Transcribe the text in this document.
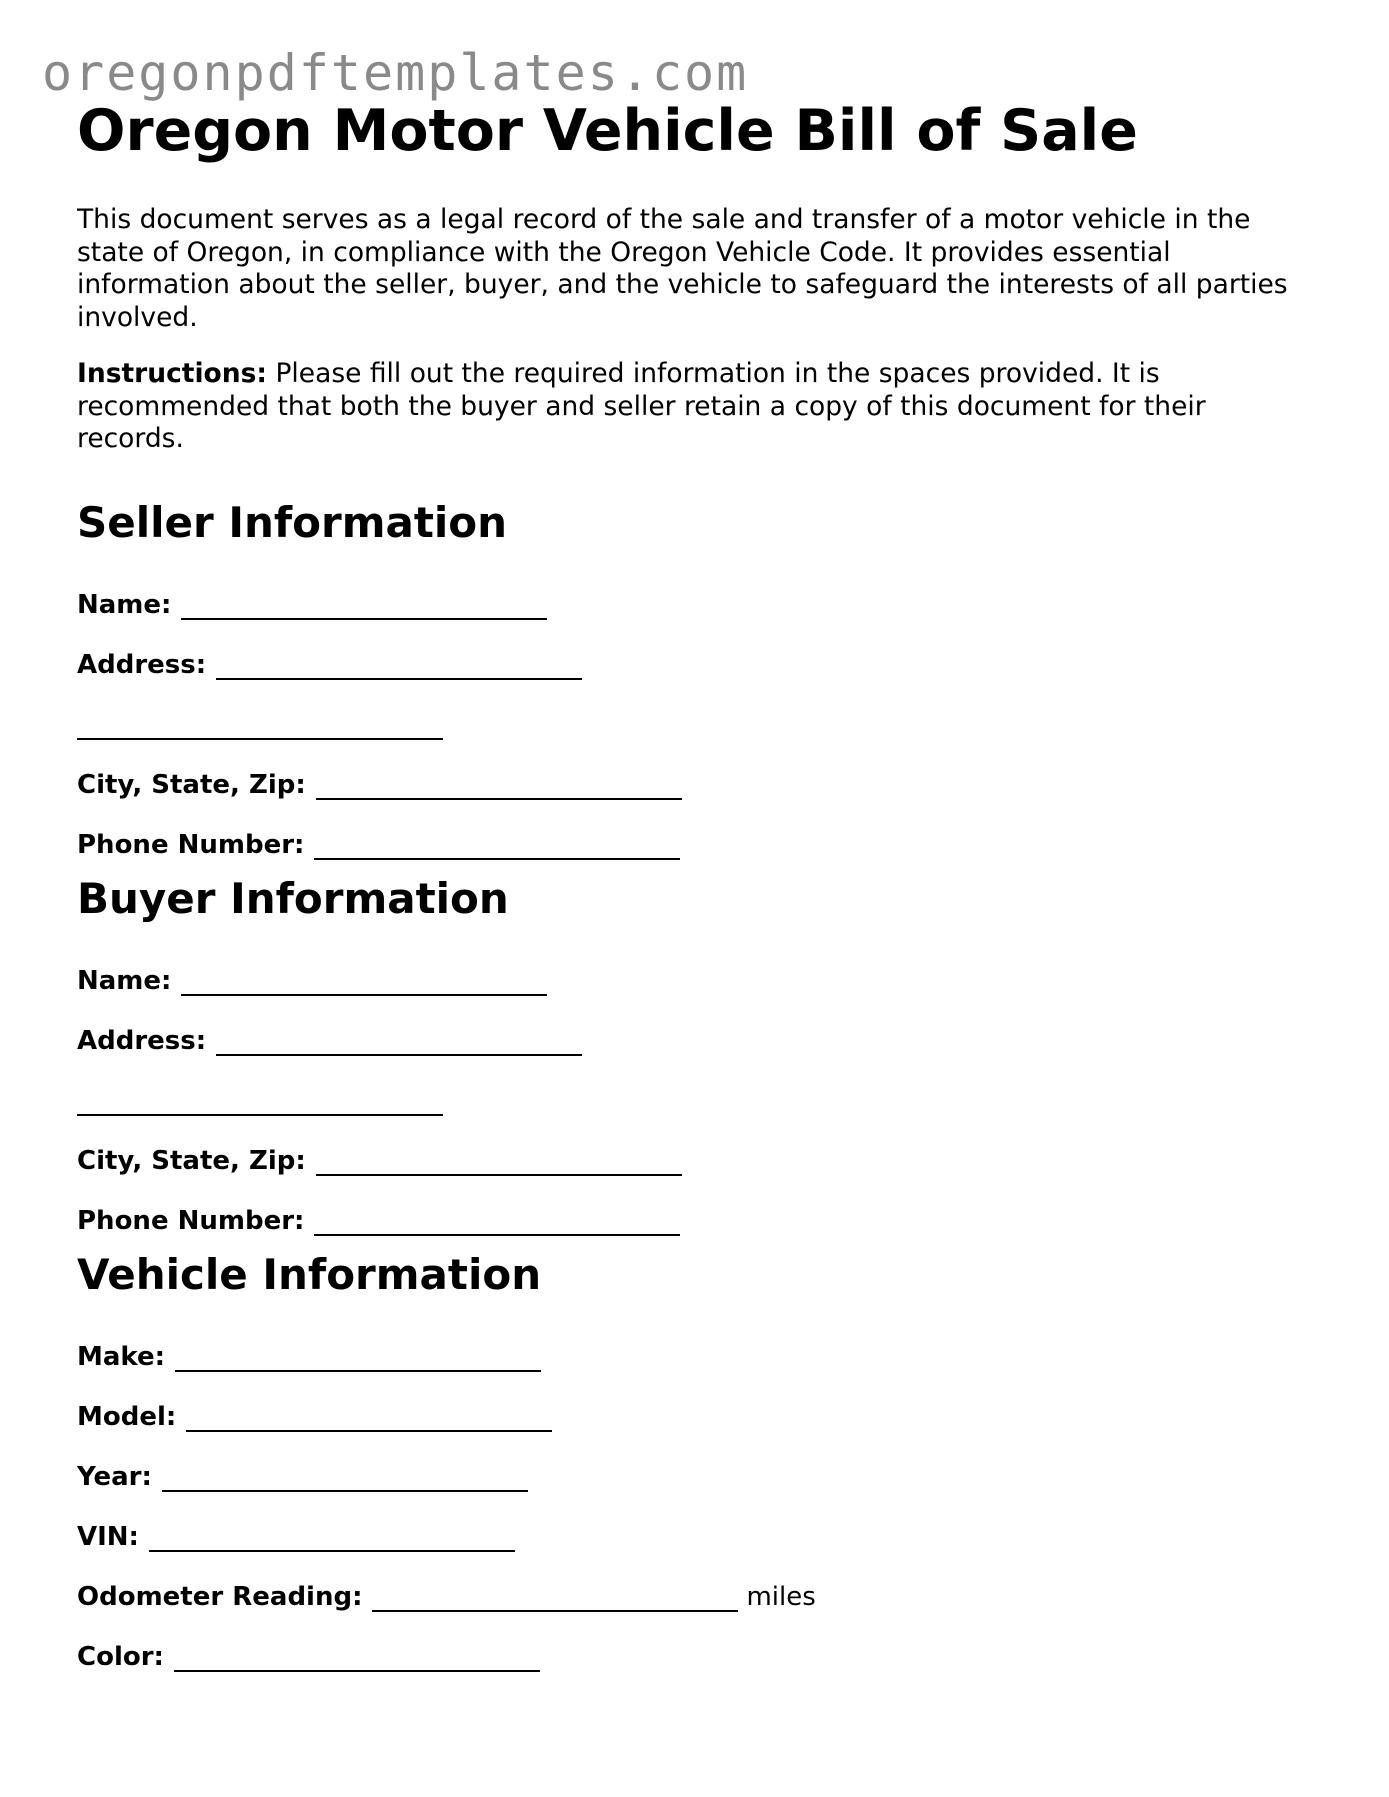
oregonpdftemplates.com
Oregon Motor Vehicle Bill of Sale

This document serves as a legal record of the sale and transfer of a motor vehicle in the state of Oregon, in compliance with the Oregon Vehicle Code. It provides essential information about the seller, buyer, and the vehicle to safeguard the interests of all parties involved.

Instructions: Please fill out the required information in the spaces provided. It is recommended that both the buyer and seller retain a copy of this document for their records.

Seller Information
Name:
Address:
City, State, Zip:
Phone Number:
Buyer Information
Name:
Address:
City, State, Zip:
Phone Number:
Vehicle Information
Make:
Model:
Year:
VIN:
Odometer Reading:	miles
Color:
